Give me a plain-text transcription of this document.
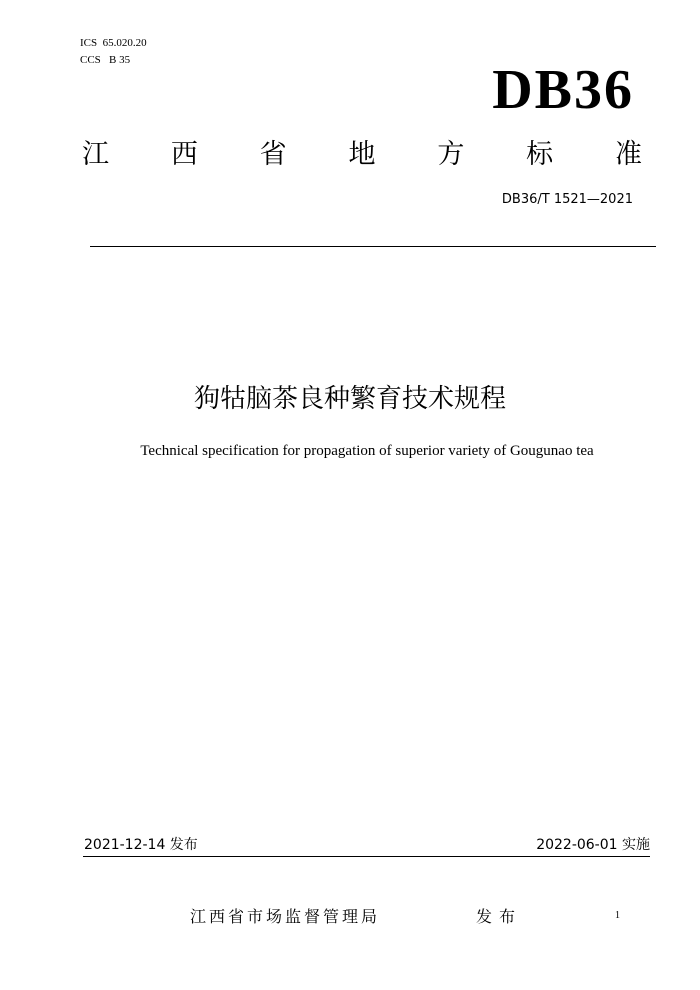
ICS  65.020.20
CCS   B 35	DB36
江 西 省 地 方 标 准
DB36/T 1521—2021
狗牯脑茶良种繁育技术规程
Technical specification for propagation of superior variety of Gougunao tea
2021-12-14 发布	2022-06-01 实施
江西省市场监督管理局	发布	1
